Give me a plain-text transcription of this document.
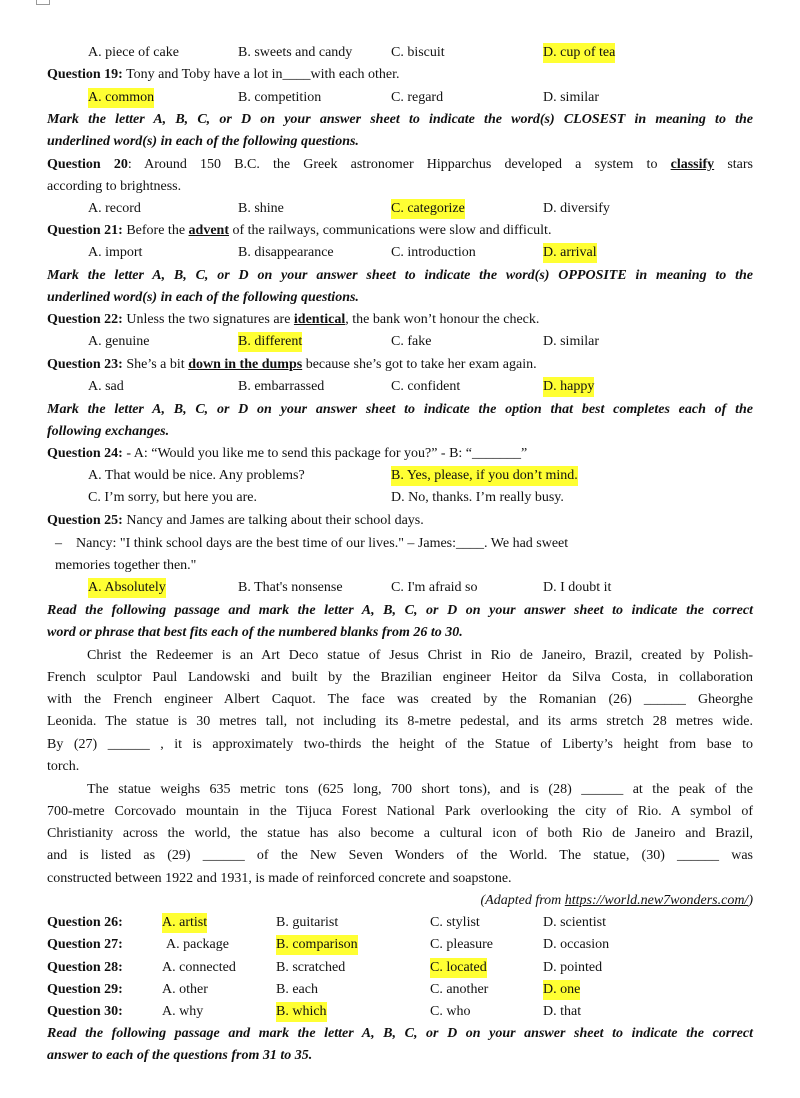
A. piece of cake	B. sweets and candy	C. biscuit	D. cup of tea
Question 19: Tony and Toby have a lot in____with each other.
A. common	B. competition	C. regard	D. similar
Mark the letter A, B, C, or D on your answer sheet to indicate the word(s) CLOSEST in meaning to the
underlined word(s) in each of the following questions.
Question 20: Around 150 B.C. the Greek astronomer Hipparchus developed a system to classify stars
according to brightness.
A. record	B. shine	C. categorize	D. diversify
Question 21: Before the advent of the railways, communications were slow and difficult.
A. import	B. disappearance	C. introduction	D. arrival
Mark the letter A, B, C, or D on your answer sheet to indicate the word(s) OPPOSITE in meaning to the
underlined word(s) in each of the following questions.
Question 22: Unless the two signatures are identical, the bank won’t honour the check.
A. genuine	B. different	C. fake	D. similar
Question 23: She’s a bit down in the dumps because she’s got to take her exam again.
A. sad	B. embarrassed	C. confident	D. happy
Mark the letter A, B, C, or D on your answer sheet to indicate the option that best completes each of the
following exchanges.
Question 24: - A: “Would you like me to send this package for you?” - B: “_______”
A. That would be nice. Any problems?	B. Yes, please, if you don’t mind.
C. I’m sorry, but here you are.	D. No, thanks. I’m really busy.
Question 25: Nancy and James are talking about their school days.
–    Nancy: "I think school days are the best time of our lives." – James:____. We had sweet
memories together then."
A. Absolutely	B. That's nonsense	C. I'm afraid so	D. I doubt it
Read the following passage and mark the letter A, B, C, or D on your answer sheet to indicate the correct
word or phrase that best fits each of the numbered blanks from 26 to 30.
Christ the Redeemer is an Art Deco statue of Jesus Christ in Rio de Janeiro, Brazil, created by Polish-
French sculptor Paul Landowski and built by the Brazilian engineer Heitor da Silva Costa, in collaboration
with the French engineer Albert Caquot. The face was created by the Romanian (26) ______ Gheorghe
Leonida. The statue is 30 metres tall, not including its 8-metre pedestal, and its arms stretch 28 metres wide.
By (27) ______ , it is approximately two-thirds the height of the Statue of Liberty’s height from base to
torch.
The statue weighs 635 metric tons (625 long, 700 short tons), and is (28) ______ at the peak of the
700-metre Corcovado mountain in the Tijuca Forest National Park overlooking the city of Rio. A symbol of
Christianity across the world, the statue has also become a cultural icon of both Rio de Janeiro and Brazil,
and is listed as (29) ______ of the New Seven Wonders of the World. The statue, (30) ______ was
constructed between 1922 and 1931, is made of reinforced concrete and soapstone.
(Adapted from https://world.new7wonders.com/)
Question 26:	A. artist	B. guitarist	C. stylist	D. scientist
Question 27:	A. package	B. comparison	C. pleasure	D. occasion
Question 28:	A. connected	B. scratched	C. located	D. pointed
Question 29:	A. other	B. each	C. another	D. one
Question 30:	A. why	B. which	C. who	D. that
Read the following passage and mark the letter A, B, C, or D on your answer sheet to indicate the correct
answer to each of the questions from 31 to 35.
